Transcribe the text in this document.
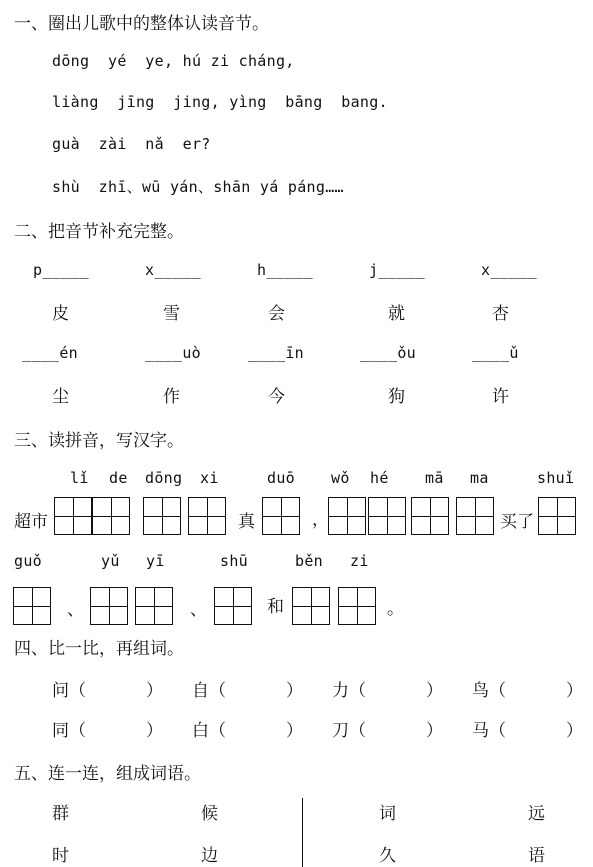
一、圈出儿歌中的整体认读音节。
dōng  yé  ye, hú zi cháng,
liàng  jīng  jing, yìng  bāng  bang.
guà  zài  nǎ  er?
shù  zhī、wū yán、shān yá páng……
二、把音节补充完整。
p_____	x_____	h_____	j_____	x_____
皮	雪	会	就	杏
____én	____uò	____īn	____ǒu	____ǔ
尘	作	今	狗	许
三、读拼音，写汉字。
lǐ de dōng xi	duō wǒ hé mā ma	shuǐ
超市	真	，	买了
guǒ	yǔ yī	shū	běn zi
、	、	和	。
四、比一比，再组词。
问（	） 自（	） 力（	） 鸟（	）
同（	） 白（	） 刀（	） 马（	）
五、连一连，组成词语。
群	候	词	远
时	边	久	语
